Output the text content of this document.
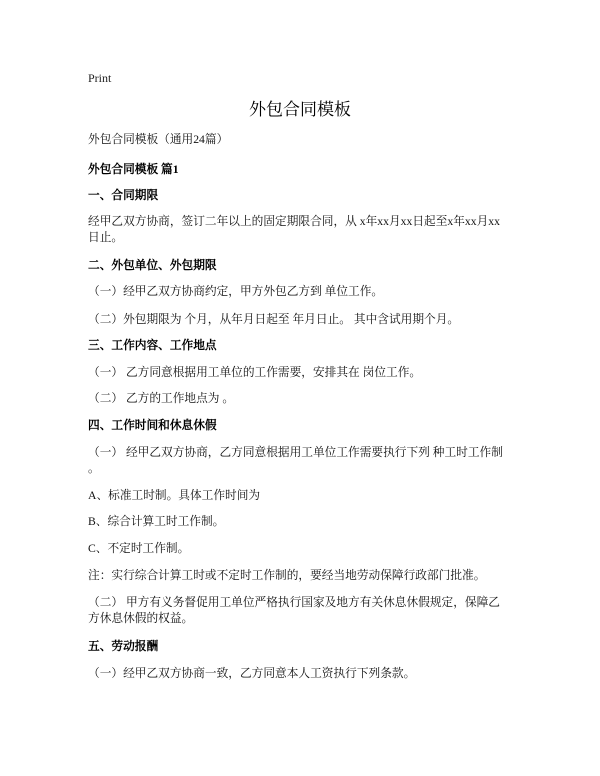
Print
外包合同模板
外包合同模板（通用24篇）
外包合同模板 篇1
一、合同期限
经甲乙双方协商，签订二年以上的固定期限合同，从 x年xx月xx日起至x年xx月xx
日止。
二、外包单位、外包期限
（一）经甲乙双方协商约定，甲方外包乙方到 单位工作。
（二）外包期限为 个月，从年月日起至 年月日止。 其中含试用期个月。
三、工作内容、工作地点
（一） 乙方同意根据用工单位的工作需要，安排其在 岗位工作。
（二） 乙方的工作地点为 。
四、工作时间和休息休假
（一） 经甲乙双方协商，乙方同意根据用工单位工作需要执行下列 种工时工作制
。
A、标准工时制。具体工作时间为
B、综合计算工时工作制。
C、不定时工作制。
注：实行综合计算工时或不定时工作制的，要经当地劳动保障行政部门批准。
（二） 甲方有义务督促用工单位严格执行国家及地方有关休息休假规定，保障乙
方休息休假的权益。
五、劳动报酬
（一）经甲乙双方协商一致，乙方同意本人工资执行下列条款。
